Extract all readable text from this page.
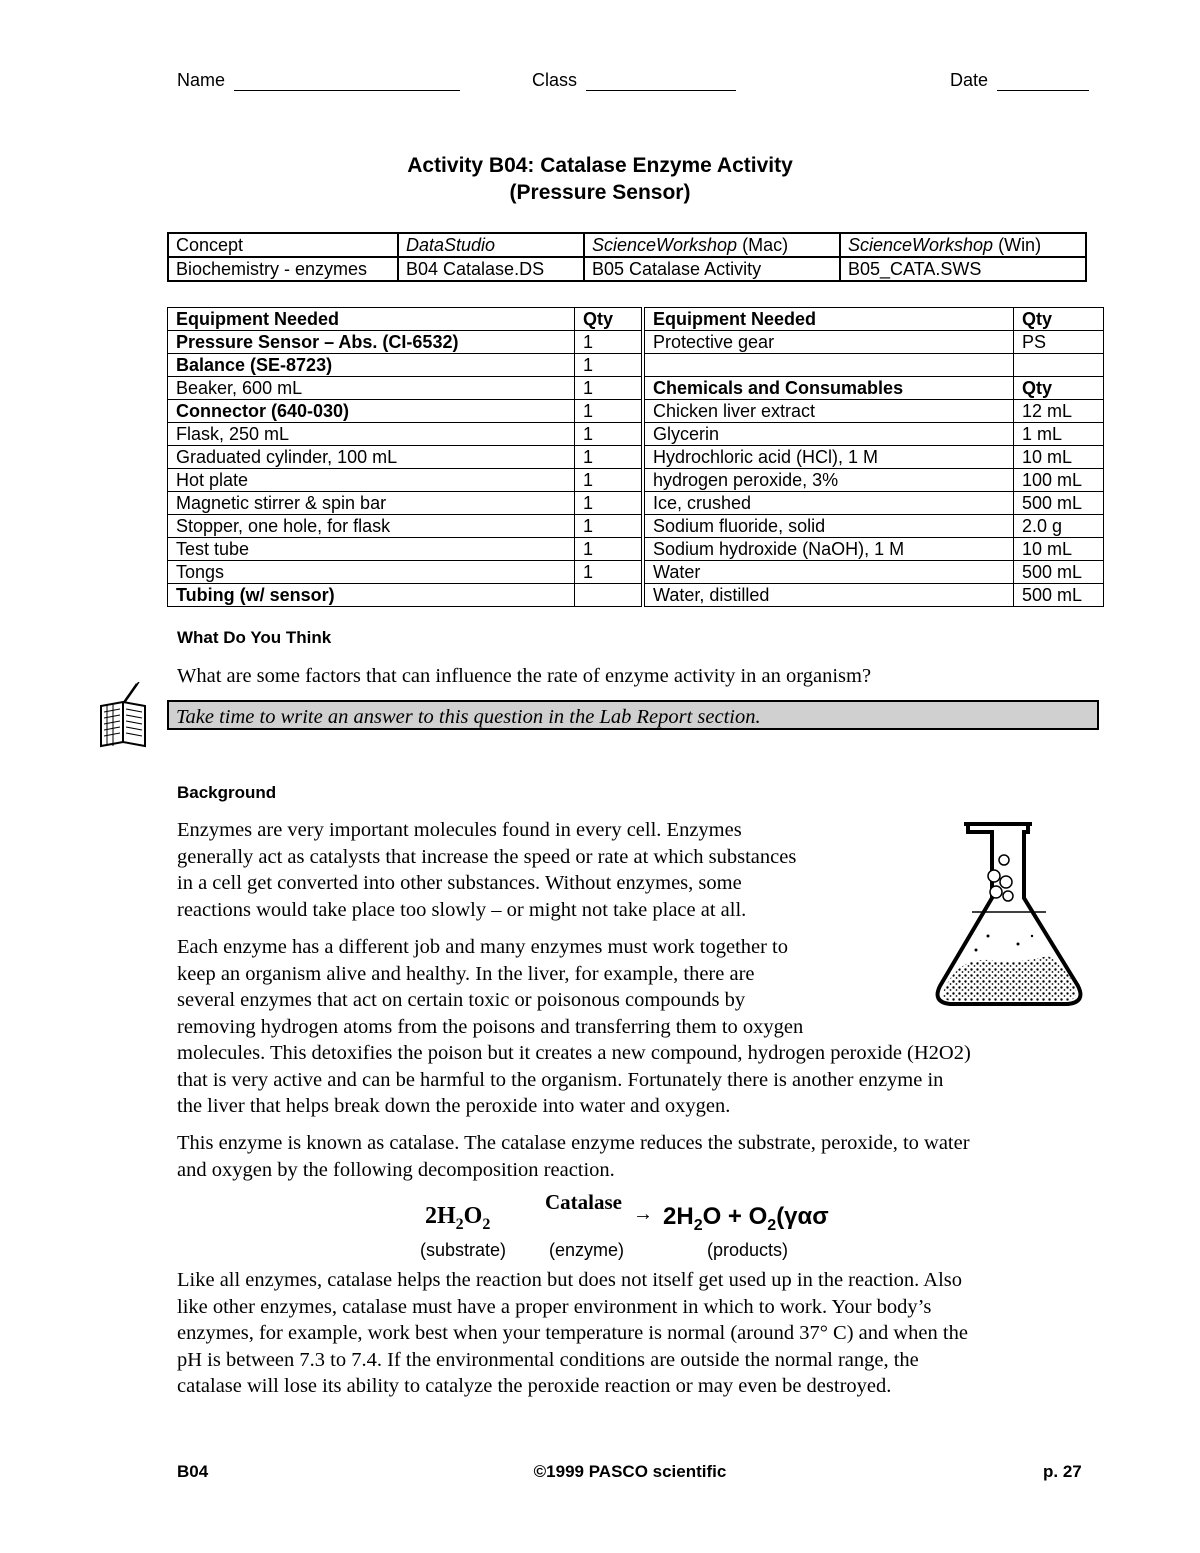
Name	Class	Date
Activity B04: Catalase Enzyme Activity
(Pressure Sensor)
Concept	DataStudio	ScienceWorkshop (Mac)	ScienceWorkshop (Win)
Biochemistry - enzymes	B04 Catalase.DS	B05 Catalase Activity	B05_CATA.SWS
Equipment Needed	Qty		Equipment Needed	Qty
Pressure Sensor – Abs. (CI-6532)	1		Protective gear	PS
Balance (SE-8723)	1			
Beaker, 600 mL	1		Chemicals and Consumables	Qty
Connector (640-030)	1		Chicken liver extract	12 mL
Flask, 250 mL	1		Glycerin	1 mL
Graduated cylinder, 100 mL	1		Hydrochloric acid (HCl), 1 M	10 mL
Hot plate	1		hydrogen peroxide, 3%	100 mL
Magnetic stirrer & spin bar	1		Ice, crushed	500 mL
Stopper, one hole, for flask	1		Sodium fluoride, solid	2.0 g
Test tube	1		Sodium hydroxide (NaOH), 1 M	10 mL
Tongs	1		Water	500 mL
Tubing (w/ sensor)			Water, distilled	500 mL
What Do You Think
What are some factors that can influence the rate of enzyme activity in an organism?
Take time to write an answer to this question in the Lab Report section.
Background
Enzymes are very important molecules found in every cell. Enzymes
generally act as catalysts that increase the speed or rate at which substances
in a cell get converted into other substances. Without enzymes, some
reactions would take place too slowly – or might not take place at all.
Each enzyme has a different job and many enzymes must work together to
keep an organism alive and healthy. In the liver, for example, there are
several enzymes that act on certain toxic or poisonous compounds by
removing hydrogen atoms from the poisons and transferring them to oxygen
molecules. This detoxifies the poison but it creates a new compound, hydrogen peroxide (H2O2)
that is very active and can be harmful to the organism. Fortunately there is another enzyme in
the liver that helps break down the peroxide into water and oxygen.
This enzyme is known as catalase. The catalase enzyme reduces the substrate, peroxide, to water
and oxygen by the following decomposition reaction.
$2H_2O_2$
Catalase → $2H_2O + O_2(\gamma\alpha\sigma$
(substrate) (enzyme)	(products)
Like all enzymes, catalase helps the reaction but does not itself get used up in the reaction. Also
like other enzymes, catalase must have a proper environment in which to work. Your body’s
enzymes, for example, work best when your temperature is normal (around 37° C) and when the
pH is between 7.3 to 7.4. If the environmental conditions are outside the normal range, the
catalase will lose its ability to catalyze the peroxide reaction or may even be destroyed.
B04	©1999 PASCO scientific	p. 27
